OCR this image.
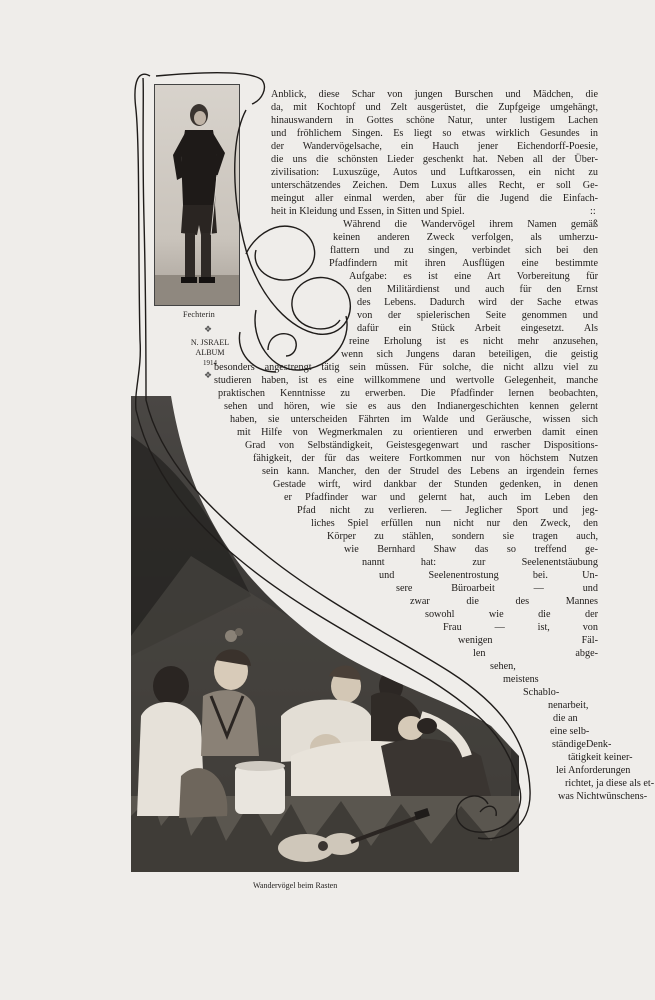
Fechterin
❖
N. JSRAEL
ALBUM
1914
❖
Wandervögel beim Rasten
Anblick, diese Schar von jungen Burschen und Mädchen, die
da, mit Kochtopf und Zelt ausgerüstet, die Zupfgeige umgehängt,
hinauswandern in Gottes schöne Natur, unter lustigem Lachen
und fröhlichem Singen. Es liegt so etwas wirklich Gesundes in
der Wandervögelsache, ein Hauch jener Eichendorff-Poesie,
die uns die schönsten Lieder geschenkt hat. Neben all der Über-
zivilisation: Luxuszüge, Autos und Luftkarossen, ein nicht zu
unterschätzendes Zeichen. Dem Luxus alles Recht, er soll Ge-
meingut aller einmal werden, aber für die Jugend die Einfach-
heit in Kleidung und Essen, in Sitten und Spiel.	::
Während die Wandervögel ihrem Namen gemäß
keinen anderen Zweck verfolgen, als umherzu-
flattern und zu singen, verbindet sich bei den
Pfadfindern mit ihren Ausflügen eine bestimmte
Aufgabe: es ist eine Art Vorbereitung für
den Militärdienst und auch für den Ernst
des Lebens. Dadurch wird der Sache etwas
von der spielerischen Seite genommen und
dafür ein Stück Arbeit eingesetzt. Als
reine Erholung ist es nicht mehr anzusehen,
wenn sich Jungens daran beteiligen, die geistig
besonders angestrengt tätig sein müssen. Für solche, die nicht allzu viel zu
studieren haben, ist es eine willkommene und wertvolle Gelegenheit, manche
praktischen Kenntnisse zu erwerben. Die Pfadfinder lernen beobachten,
sehen und hören, wie sie es aus den Indianergeschichten kennen gelernt
haben, sie unterscheiden Fährten im Walde und Geräusche, wissen sich
mit Hilfe von Wegmerkmalen zu orientieren und erwerben damit einen
Grad von Selbständigkeit, Geistesgegenwart und rascher Dispositions-
fähigkeit, der für das weitere Fortkommen nur von höchstem Nutzen
sein kann. Mancher, den der Strudel des Lebens an irgendein fernes
Gestade wirft, wird dankbar der Stunden gedenken, in denen
er Pfadfinder war und gelernt hat, auch im Leben den
Pfad nicht zu verlieren. — Jeglicher Sport und jeg-
liches Spiel erfüllen nun nicht nur den Zweck, den
Körper zu stählen, sondern sie tragen auch,
wie Bernhard Shaw das so treffend ge-
nannt hat: zur Seelenentstäubung
und Seelenentrostung bei. Un-
sere Büroarbeit — und
zwar die des Mannes
sowohl wie die der
Frau — ist, von
wenigen Fäl-
len abge-
sehen,
meistens
Schablo-
nenarbeit,
die an
eine selb-
ständigeDenk-
tätigkeit keiner-
lei Anforderungen
richtet, ja diese als et-
was Nichtwünschens-
